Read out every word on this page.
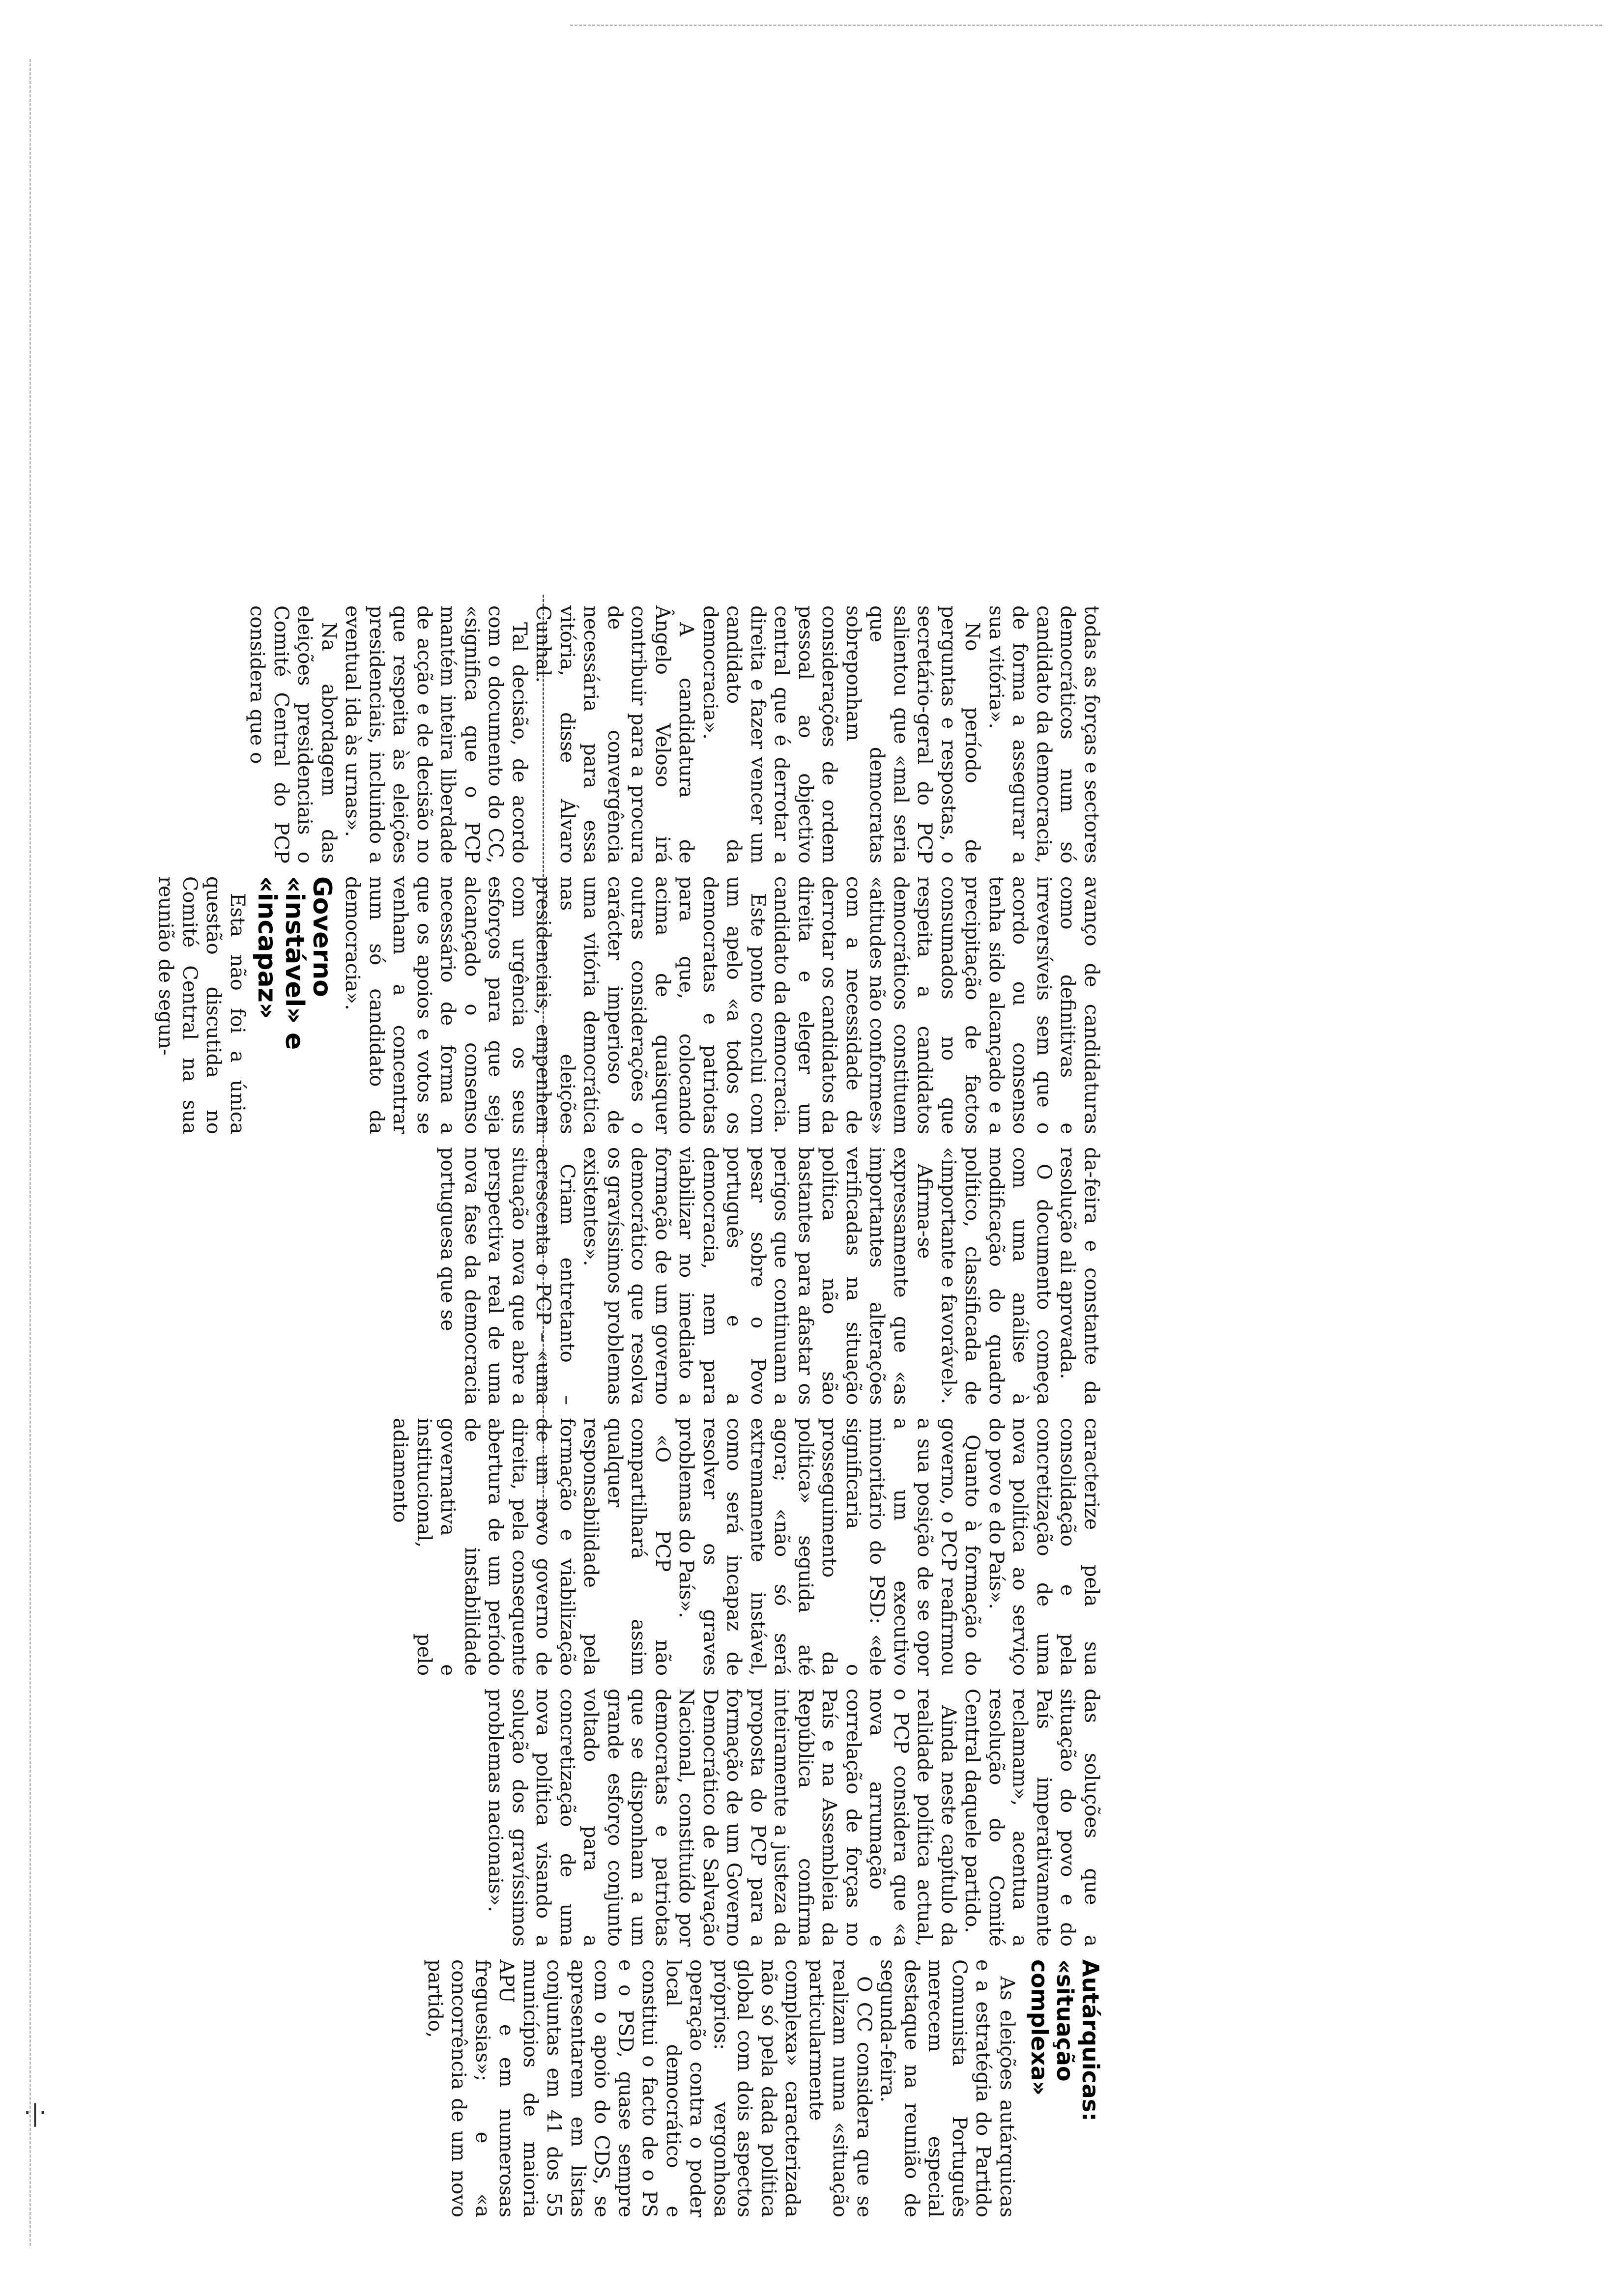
·|·

todas as forças e sectores democráticos num só candidato da democracia, de forma a assegurar a sua vitória».

No período de perguntas e respostas, o secretário-geral do PCP salientou que «mal seria que democratas sobreponham considerações de ordem pessoal ao objectivo central que é derrotar a direita e fazer vencer um candidato da democracia».

A candidatura de Ângelo Veloso irá contribuir para a procura de convergência necessária para essa vitória, disse Álvaro Cunhal.

Tal decisão, de acordo com o documento do CC, «significa que o PCP mantém inteira liberdade de acção e de decisão no que respeita às eleições presidenciais, incluindo a eventual ida às urnas».

Na abordagem das eleições presidenciais o Comité Central do PCP considera que o

avanço de candidaturas como definitivas e irreversíveis sem que o acordo ou consenso tenha sido alcançado e a precipitação de factos consumados no que respeita a candidatos democráticos constituem «atitudes não conformes» com a necessidade de derrotar os candidatos da direita e eleger um candidato da democracia.

Este ponto conclui com um apelo «a todos os democratas e patriotas para que, colocando acima de quaisquer outras considerações o carácter imperioso de uma vitória democrática nas eleições presidenciais, empenhem com urgência os seus esforços para que seja alcançado o consenso necessário de forma a que os apoios e votos se venham a concentrar num só candidato da democracia».

Governo «instável» e «incapaz»

Esta não foi a única questão discutida no Comité Central na sua reunião de segun-

da-feira e constante da resolução ali aprovada.

O documento começa com uma análise à modificação do quadro político, classificada de «importante e favorável».

Afirma-se expressamente que «as importantes alterações verificadas na situação política não são bastantes para afastar os perigos que continuam a pesar sobre o Povo português e a democracia, nem para viabilizar no imediato a formação de um governo democrático que resolva os gravíssimos problemas existentes».

Criam entretanto – acrescenta o PCP – «uma situação nova que abre a perspectiva real de uma nova fase da democracia portuguesa que se

caracterize pela sua consolidação e pela concretização de uma nova política ao serviço do povo e do País».

Quanto à formação do governo, o PCP reafirmou a sua posição de se opor a um executivo minoritário do PSD: «ele significaria o prosseguimento da política» seguida até agora; «não só será extremamente instável, como será incapaz de resolver os graves problemas do País».

«O PCP não compartilhará assim qualquer responsabilidade pela formação e viabilização de um novo governo de direita, pela consequente abertura de um período de instabilidade governativa e institucional, pelo adiamento

das soluções que a situação do povo e do País imperativamente reclamam», acentua a resolução do Comité Central daquele partido.

Ainda neste capítulo da realidade política actual, o PCP considera que «a nova arrumação e correlação de forças no País e na Assembleia da República confirma inteiramente a justeza da proposta do PCP para a formação de um Governo Democrático de Salvação Nacional, constituído por democratas e patriotas que se disponham a um grande esforço conjunto voltado para a concretização de uma nova política visando a solução dos gravíssimos problemas nacionais».

Autárquicas: «situação complexa»

As eleições autárquicas e a estratégia do Partido Comunista Português merecem especial destaque na reunião de segunda-feira.

O CC considera que se realizam numa «situação particularmente complexa» caracterizada não só pela dada política global com dois aspectos próprios: vergonhosa operação contra o poder local democrático e constitui o facto de o PS e o PSD, quase sempre com o apoio do CDS, se apresentarem em listas conjuntas em 41 dos 55 municípios de maioria APU e em numerosas freguesias»; e «a concorrência de um novo partido,
